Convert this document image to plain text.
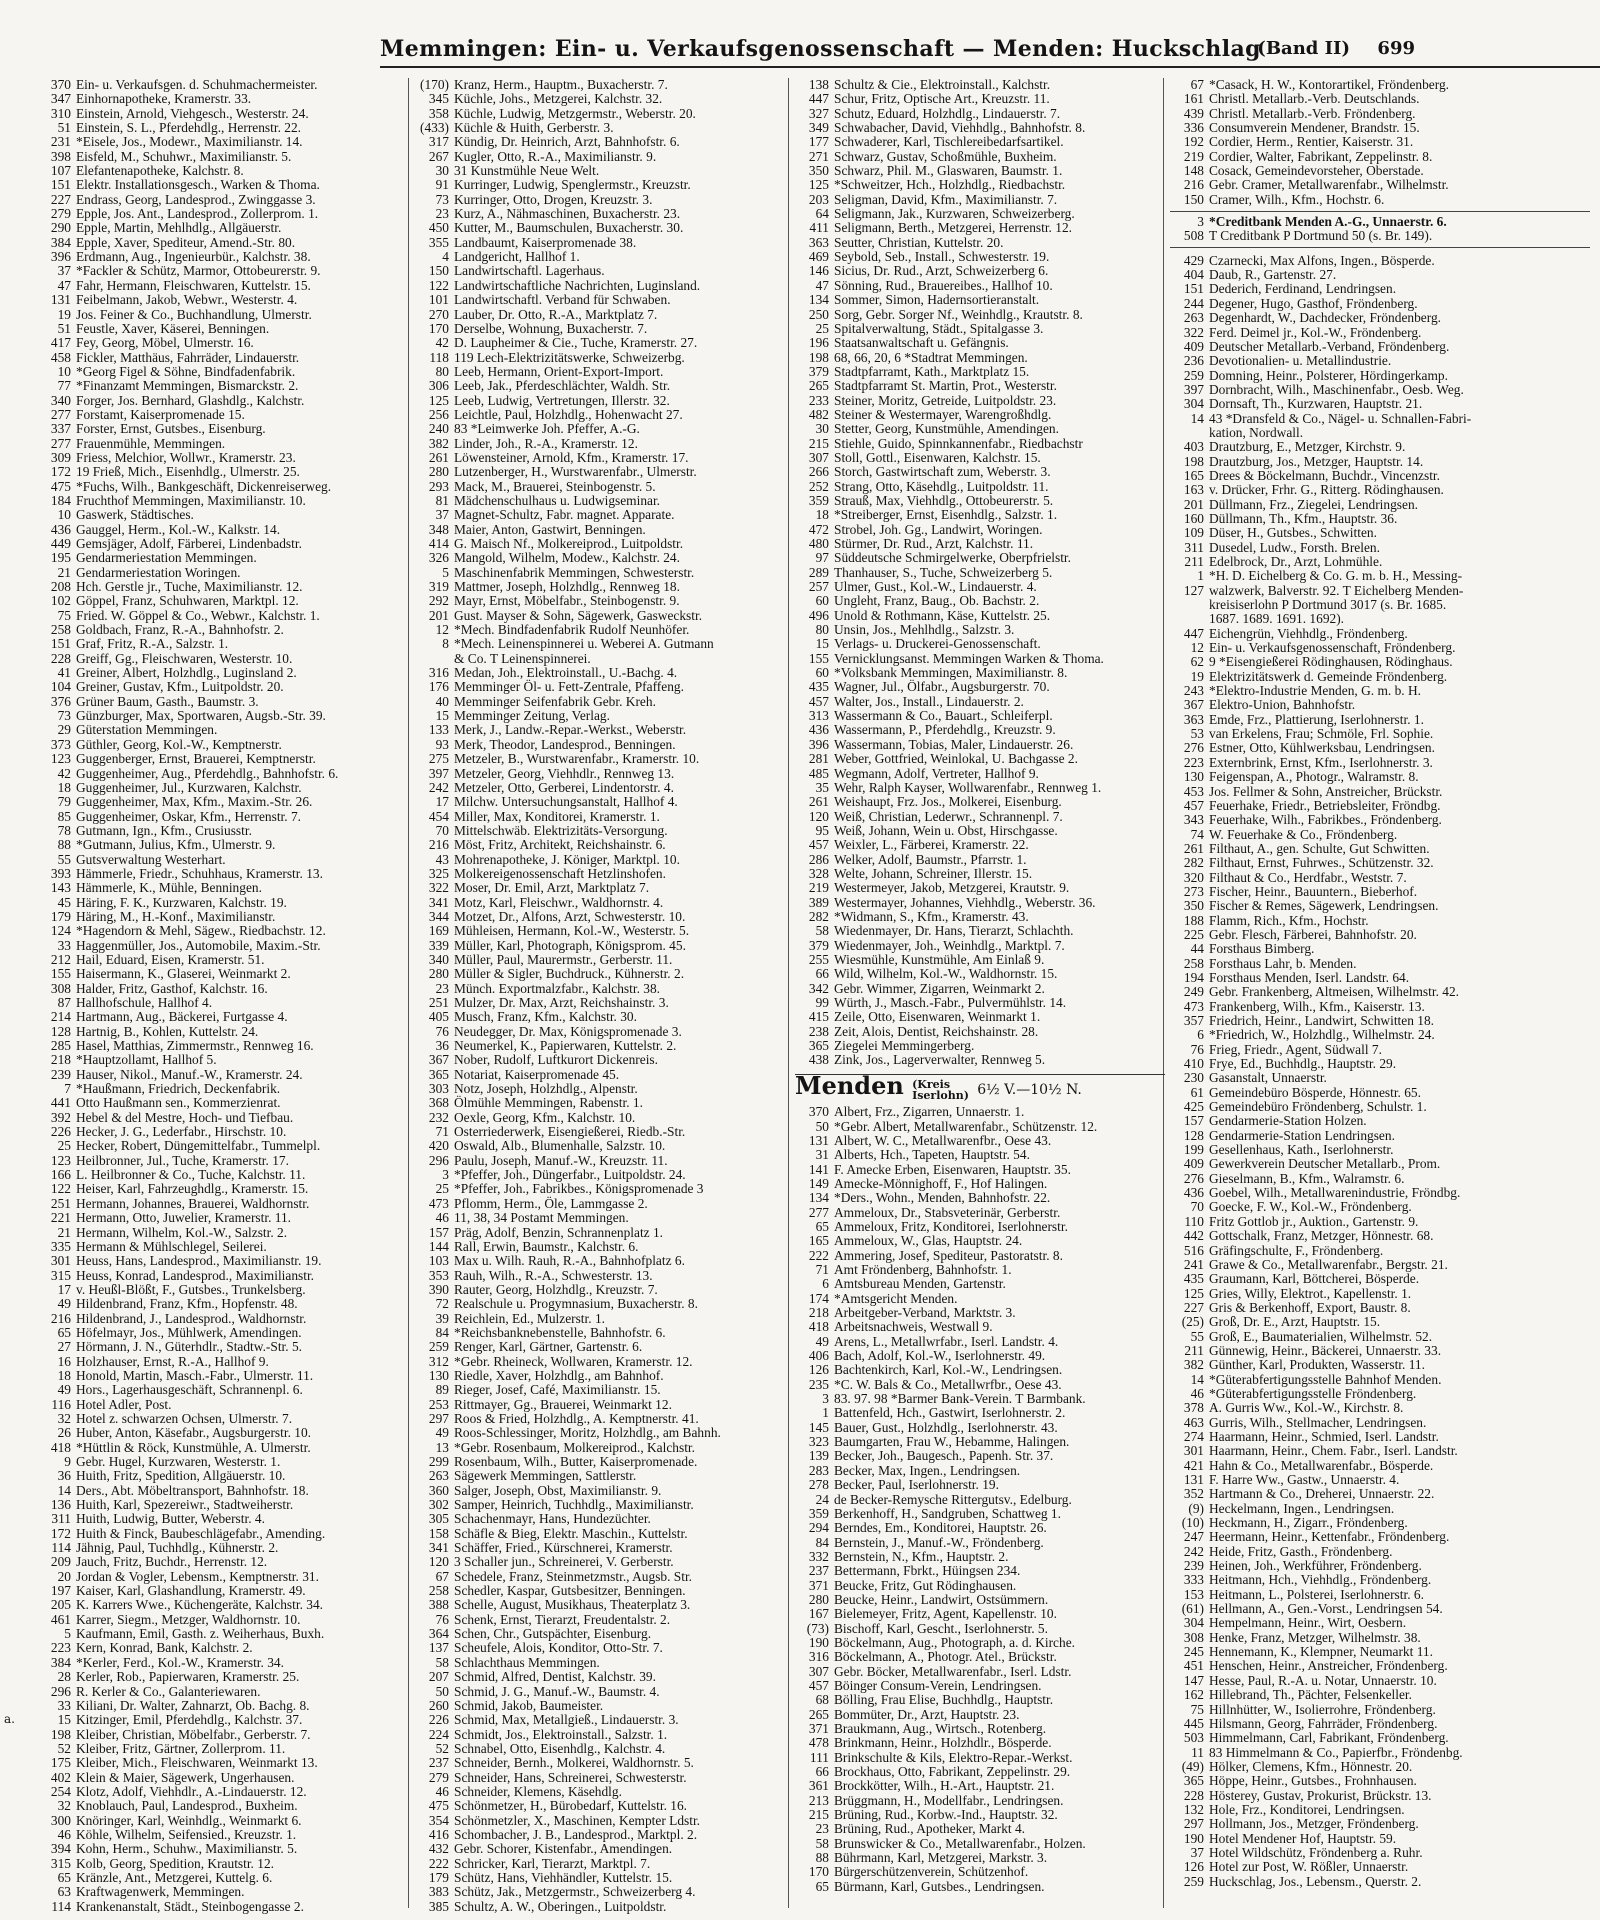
Memmingen: Ein- u. Verkaufsgenossenschaft — Menden: Huckschlag
(Band II) 699
370 Ein- u. Verkaufsgen. d. Schuhmachermeister.
347 Einhornapotheke, Kramerstr. 33.
310 Einstein, Arnold, Viehgesch., Westerstr. 24.
51 Einstein, S. L., Pferdehdlg., Herrenstr. 22.
231 *Eisele, Jos., Modewr., Maximilianstr. 14.
398 Eisfeld, M., Schuhwr., Maximilianstr. 5.
107 Elefantenapotheke, Kalchstr. 8.
151 Elektr. Installationsgesch., Warken & Thoma.
227 Endrass, Georg, Landesprod., Zwinggasse 3.
279 Epple, Jos. Ant., Landesprod., Zollerprom. 1.
290 Epple, Martin, Mehlhdlg., Allgäuerstr.
384 Epple, Xaver, Spediteur, Amend.-Str. 80.
396 Erdmann, Aug., Ingenieurbür., Kalchstr. 38.
37 *Fackler & Schütz, Marmor, Ottobeurerstr. 9.
47 Fahr, Hermann, Fleischwaren, Kuttelstr. 15.
131 Feibelmann, Jakob, Webwr., Westerstr. 4.
19 Jos. Feiner & Co., Buchhandlung, Ulmerstr.
51 Feustle, Xaver, Käserei, Benningen.
417 Fey, Georg, Möbel, Ulmerstr. 16.
458 Fickler, Matthäus, Fahrräder, Lindauerstr.
10 *Georg Figel & Söhne, Bindfadenfabrik.
77 *Finanzamt Memmingen, Bismarckstr. 2.
340 Forger, Jos. Bernhard, Glashdlg., Kalchstr.
277 Forstamt, Kaiserpromenade 15.
337 Forster, Ernst, Gutsbes., Eisenburg.
277 Frauenmühle, Memmingen.
309 Friess, Melchior, Wollwr., Kramerstr. 23.
172 19 Frieß, Mich., Eisenhdlg., Ulmerstr. 25.
475 *Fuchs, Wilh., Bankgeschäft, Dickenreiserweg.
184 Fruchthof Memmingen, Maximilianstr. 10.
10 Gaswerk, Städtisches.
436 Gauggel, Herm., Kol.-W., Kalkstr. 14.
449 Gemsjäger, Adolf, Färberei, Lindenbadstr.
195 Gendarmeriestation Memmingen.
21 Gendarmeriestation Woringen.
208 Hch. Gerstle jr., Tuche, Maximilianstr. 12.
102 Göppel, Franz, Schuhwaren, Marktpl. 12.
75 Fried. W. Göppel & Co., Webwr., Kalchstr. 1.
258 Goldbach, Franz, R.-A., Bahnhofstr. 2.
151 Graf, Fritz, R.-A., Salzstr. 1.
228 Greiff, Gg., Fleischwaren, Westerstr. 10.
41 Greiner, Albert, Holzhdlg., Luginsland 2.
104 Greiner, Gustav, Kfm., Luitpoldstr. 20.
376 Grüner Baum, Gasth., Baumstr. 3.
73 Günzburger, Max, Sportwaren, Augsb.-Str. 39.
29 Güterstation Memmingen.
373 Güthler, Georg, Kol.-W., Kemptnerstr.
123 Guggenberger, Ernst, Brauerei, Kemptnerstr.
42 Guggenheimer, Aug., Pferdehdlg., Bahnhofstr. 6.
18 Guggenheimer, Jul., Kurzwaren, Kalchstr.
79 Guggenheimer, Max, Kfm., Maxim.-Str. 26.
85 Guggenheimer, Oskar, Kfm., Herrenstr. 7.
78 Gutmann, Ign., Kfm., Crusiusstr.
88 *Gutmann, Julius, Kfm., Ulmerstr. 9.
55 Gutsverwaltung Westerhart.
393 Hämmerle, Friedr., Schuhhaus, Kramerstr. 13.
143 Hämmerle, K., Mühle, Benningen.
45 Häring, F. K., Kurzwaren, Kalchstr. 19.
179 Häring, M., H.-Konf., Maximilianstr.
124 *Hagendorn & Mehl, Sägew., Riedbachstr. 12.
33 Haggenmüller, Jos., Automobile, Maxim.-Str.
212 Hail, Eduard, Eisen, Kramerstr. 51.
155 Haisermann, K., Glaserei, Weinmarkt 2.
308 Halder, Fritz, Gasthof, Kalchstr. 16.
87 Hallhofschule, Hallhof 4.
214 Hartmann, Aug., Bäckerei, Furtgasse 4.
128 Hartnig, B., Kohlen, Kuttelstr. 24.
285 Hasel, Matthias, Zimmermstr., Rennweg 16.
218 *Hauptzollamt, Hallhof 5.
239 Hauser, Nikol., Manuf.-W., Kramerstr. 24.
7 *Haußmann, Friedrich, Deckenfabrik.
441 Otto Haußmann sen., Kommerzienrat.
392 Hebel & del Mestre, Hoch- und Tiefbau.
226 Hecker, J. G., Lederfabr., Hirschstr. 10.
25 Hecker, Robert, Düngemittelfabr., Tummelpl.
123 Heilbronner, Jul., Tuche, Kramerstr. 17.
166 L. Heilbronner & Co., Tuche, Kalchstr. 11.
122 Heiser, Karl, Fahrzeughdlg., Kramerstr. 15.
251 Hermann, Johannes, Brauerei, Waldhornstr.
221 Hermann, Otto, Juwelier, Kramerstr. 11.
21 Hermann, Wilhelm, Kol.-W., Salzstr. 2.
335 Hermann & Mühlschlegel, Seilerei.
301 Heuss, Hans, Landesprod., Maximilianstr. 19.
315 Heuss, Konrad, Landesprod., Maximilianstr.
17 v. Heußl-Blößt, F., Gutsbes., Trunkelsberg.
49 Hildenbrand, Franz, Kfm., Hopfenstr. 48.
216 Hildenbrand, J., Landesprod., Waldhornstr.
65 Höfelmayr, Jos., Mühlwerk, Amendingen.
27 Hörmann, J. N., Güterhdlr., Stadtw.-Str. 5.
16 Holzhauser, Ernst, R.-A., Hallhof 9.
18 Honold, Martin, Masch.-Fabr., Ulmerstr. 11.
49 Hors., Lagerhausgeschäft, Schrannenpl. 6.
116 Hotel Adler, Post.
32 Hotel z. schwarzen Ochsen, Ulmerstr. 7.
26 Huber, Anton, Käsefabr., Augsburgerstr. 10.
418 *Hüttlin & Röck, Kunstmühle, A. Ulmerstr.
9 Gebr. Hugel, Kurzwaren, Westerstr. 1.
36 Huith, Fritz, Spedition, Allgäuerstr. 10.
14 Ders., Abt. Möbeltransport, Bahnhofstr. 18.
136 Huith, Karl, Spezereiwr., Stadtweiherstr.
311 Huith, Ludwig, Butter, Weberstr. 4.
172 Huith & Finck, Baubeschlägefabr., Amending.
114 Jähnig, Paul, Tuchhdlg., Kühnerstr. 2.
209 Jauch, Fritz, Buchdr., Herrenstr. 12.
20 Jordan & Vogler, Lebensm., Kemptnerstr. 31.
197 Kaiser, Karl, Glashandlung, Kramerstr. 49.
205 K. Karrers Wwe., Küchengeräte, Kalchstr. 34.
461 Karrer, Siegm., Metzger, Waldhornstr. 10.
5 Kaufmann, Emil, Gasth. z. Weiherhaus, Buxh.
223 Kern, Konrad, Bank, Kalchstr. 2.
384 *Kerler, Ferd., Kol.-W., Kramerstr. 34.
28 Kerler, Rob., Papierwaren, Kramerstr. 25.
296 R. Kerler & Co., Galanteriewaren.
33 Kiliani, Dr. Walter, Zahnarzt, Ob. Bachg. 8.
15 Kitzinger, Emil, Pferdehdlg., Kalchstr. 37.
198 Kleiber, Christian, Möbelfabr., Gerberstr. 7.
52 Kleiber, Fritz, Gärtner, Zollerprom. 11.
175 Kleiber, Mich., Fleischwaren, Weinmarkt 13.
402 Klein & Maier, Sägewerk, Ungerhausen.
254 Klotz, Adolf, Viehhdlr., A.-Lindauerstr. 12.
32 Knoblauch, Paul, Landesprod., Buxheim.
300 Knöringer, Karl, Weinhdlg., Weinmarkt 6.
46 Köhle, Wilhelm, Seifensied., Kreuzstr. 1.
394 Kohn, Herm., Schuhw., Maximilianstr. 5.
315 Kolb, Georg, Spedition, Krautstr. 12.
65 Kränzle, Ant., Metzgerei, Kuttelg. 6.
63 Kraftwagenwerk, Memmingen.
114 Krankenanstalt, Städt., Steinbogengasse 2.
(170) Kranz, Herm., Hauptm., Buxacherstr. 7.
345 Küchle, Johs., Metzgerei, Kalchstr. 32.
358 Küchle, Ludwig, Metzgermstr., Weberstr. 20.
(433) Küchle & Huith, Gerberstr. 3.
317 Kündig, Dr. Heinrich, Arzt, Bahnhofstr. 6.
267 Kugler, Otto, R.-A., Maximilianstr. 9.
30 31 Kunstmühle Neue Welt.
91 Kurringer, Ludwig, Spenglermstr., Kreuzstr.
73 Kurringer, Otto, Drogen, Kreuzstr. 3.
23 Kurz, A., Nähmaschinen, Buxacherstr. 23.
450 Kutter, M., Baumschulen, Buxacherstr. 30.
355 Landbaumt, Kaiserpromenade 38.
4 Landgericht, Hallhof 1.
150 Landwirtschaftl. Lagerhaus.
122 Landwirtschaftliche Nachrichten, Luginsland.
101 Landwirtschaftl. Verband für Schwaben.
270 Lauber, Dr. Otto, R.-A., Marktplatz 7.
170 Derselbe, Wohnung, Buxacherstr. 7.
42 D. Laupheimer & Cie., Tuche, Kramerstr. 27.
118 119 Lech-Elektrizitätswerke, Schweizerbg.
80 Leeb, Hermann, Orient-Export-Import.
306 Leeb, Jak., Pferdeschlächter, Waldh. Str.
125 Leeb, Ludwig, Vertretungen, Illerstr. 32.
256 Leichtle, Paul, Holzhdlg., Hohenwacht 27.
240 83 *Leimwerke Joh. Pfeffer, A.-G.
382 Linder, Joh., R.-A., Kramerstr. 12.
261 Löwensteiner, Arnold, Kfm., Kramerstr. 17.
280 Lutzenberger, H., Wurstwarenfabr., Ulmerstr.
293 Mack, M., Brauerei, Steinbogenstr. 5.
81 Mädchenschulhaus u. Ludwigseminar.
37 Magnet-Schultz, Fabr. magnet. Apparate.
348 Maier, Anton, Gastwirt, Benningen.
414 G. Maisch Nf., Molkereiprod., Luitpoldstr.
326 Mangold, Wilhelm, Modew., Kalchstr. 24.
5 Maschinenfabrik Memmingen, Schwesterstr.
319 Mattmer, Joseph, Holzhdlg., Rennweg 18.
292 Mayr, Ernst, Möbelfabr., Steinbogenstr. 9.
201 Gust. Mayser & Sohn, Sägewerk, Gasweckstr.
12 *Mech. Bindfadenfabrik Rudolf Neunhöfer.
8 *Mech. Leinenspinnerei u. Weberei A. Gutmann
& Co. T Leinenspinnerei.
316 Medan, Joh., Elektroinstall., U.-Bachg. 4.
176 Memminger Öl- u. Fett-Zentrale, Pfaffeng.
40 Memminger Seifenfabrik Gebr. Kreh.
15 Memminger Zeitung, Verlag.
133 Merk, J., Landw.-Repar.-Werkst., Weberstr.
93 Merk, Theodor, Landesprod., Benningen.
275 Metzeler, B., Wurstwarenfabr., Kramerstr. 10.
397 Metzeler, Georg, Viehhdlr., Rennweg 13.
242 Metzeler, Otto, Gerberei, Lindentorstr. 4.
17 Milchw. Untersuchungsanstalt, Hallhof 4.
454 Miller, Max, Konditorei, Kramerstr. 1.
70 Mittelschwäb. Elektrizitäts-Versorgung.
216 Möst, Fritz, Architekt, Reichshainstr. 6.
43 Mohrenapotheke, J. Königer, Marktpl. 10.
325 Molkereigenossenschaft Hetzlinshofen.
322 Moser, Dr. Emil, Arzt, Marktplatz 7.
341 Motz, Karl, Fleischwr., Waldhornstr. 4.
344 Motzet, Dr., Alfons, Arzt, Schwesterstr. 10.
169 Mühleisen, Hermann, Kol.-W., Westerstr. 5.
339 Müller, Karl, Photograph, Königsprom. 45.
340 Müller, Paul, Maurermstr., Gerberstr. 11.
280 Müller & Sigler, Buchdruck., Kühnerstr. 2.
23 Münch. Exportmalzfabr., Kalchstr. 38.
251 Mulzer, Dr. Max, Arzt, Reichshainstr. 3.
405 Musch, Franz, Kfm., Kalchstr. 30.
76 Neudegger, Dr. Max, Königspromenade 3.
36 Neumerkel, K., Papierwaren, Kuttelstr. 2.
367 Nober, Rudolf, Luftkurort Dickenreis.
365 Notariat, Kaiserpromenade 45.
303 Notz, Joseph, Holzhdlg., Alpenstr.
368 Ölmühle Memmingen, Rabenstr. 1.
232 Oexle, Georg, Kfm., Kalchstr. 10.
71 Osterriederwerk, Eisengießerei, Riedb.-Str.
420 Oswald, Alb., Blumenhalle, Salzstr. 10.
296 Paulu, Joseph, Manuf.-W., Kreuzstr. 11.
3 *Pfeffer, Joh., Düngerfabr., Luitpoldstr. 24.
25 *Pfeffer, Joh., Fabrikbes., Königspromenade 3
473 Pflomm, Herm., Öle, Lammgasse 2.
46 11, 38, 34 Postamt Memmingen.
157 Präg, Adolf, Benzin, Schrannenplatz 1.
144 Rall, Erwin, Baumstr., Kalchstr. 6.
103 Max u. Wilh. Rauh, R.-A., Bahnhofplatz 6.
353 Rauh, Wilh., R.-A., Schwesterstr. 13.
390 Rauter, Georg, Holzhdlg., Kreuzstr. 7.
72 Realschule u. Progymnasium, Buxacherstr. 8.
39 Reichlein, Ed., Mulzerstr. 1.
84 *Reichsbanknebenstelle, Bahnhofstr. 6.
259 Renger, Karl, Gärtner, Gartenstr. 6.
312 *Gebr. Rheineck, Wollwaren, Kramerstr. 12.
130 Riedle, Xaver, Holzhdlg., am Bahnhof.
89 Rieger, Josef, Café, Maximilianstr. 15.
253 Rittmayer, Gg., Brauerei, Weinmarkt 12.
297 Roos & Fried, Holzhdlg., A. Kemptnerstr. 41.
49 Roos-Schlessinger, Moritz, Holzhdlg., am Bahnh.
13 *Gebr. Rosenbaum, Molkereiprod., Kalchstr.
299 Rosenbaum, Wilh., Butter, Kaiserpromenade.
263 Sägewerk Memmingen, Sattlerstr.
360 Salger, Joseph, Obst, Maximilianstr. 9.
302 Samper, Heinrich, Tuchhdlg., Maximilianstr.
305 Schachenmayr, Hans, Hundezüchter.
158 Schäfle & Bieg, Elektr. Maschin., Kuttelstr.
341 Schäffer, Fried., Kürschnerei, Kramerstr.
120 3 Schaller jun., Schreinerei, V. Gerberstr.
67 Schedele, Franz, Steinmetzmstr., Augsb. Str.
258 Schedler, Kaspar, Gutsbesitzer, Benningen.
388 Schelle, August, Musikhaus, Theaterplatz 3.
76 Schenk, Ernst, Tierarzt, Freudentalstr. 2.
364 Schen, Chr., Gutspächter, Eisenburg.
137 Scheufele, Alois, Konditor, Otto-Str. 7.
58 Schlachthaus Memmingen.
207 Schmid, Alfred, Dentist, Kalchstr. 39.
50 Schmid, J. G., Manuf.-W., Baumstr. 4.
260 Schmid, Jakob, Baumeister.
226 Schmid, Max, Metallgieß., Lindauerstr. 3.
224 Schmidt, Jos., Elektroinstall., Salzstr. 1.
52 Schnabel, Otto, Eisenhdlg., Kalchstr. 4.
237 Schneider, Bernh., Molkerei, Waldhornstr. 5.
279 Schneider, Hans, Schreinerei, Schwesterstr.
46 Schneider, Klemens, Käsehdlg.
475 Schönmetzer, H., Bürobedarf, Kuttelstr. 16.
354 Schönmetzler, X., Maschinen, Kempter Ldstr.
416 Schombacher, J. B., Landesprod., Marktpl. 2.
432 Gebr. Schorer, Kistenfabr., Amendingen.
222 Schricker, Karl, Tierarzt, Marktpl. 7.
179 Schütz, Hans, Viehhändler, Kuttelstr. 15.
383 Schütz, Jak., Metzgermstr., Schweizerberg 4.
385 Schultz, A. W., Oberingen., Luitpoldstr.
138 Schultz & Cie., Elektroinstall., Kalchstr.
447 Schur, Fritz, Optische Art., Kreuzstr. 11.
327 Schutz, Eduard, Holzhdlg., Lindauerstr. 7.
349 Schwabacher, David, Viehhdlg., Bahnhofstr. 8.
177 Schwaderer, Karl, Tischlereibedarfsartikel.
271 Schwarz, Gustav, Schoßmühle, Buxheim.
350 Schwarz, Phil. M., Glaswaren, Baumstr. 1.
125 *Schweitzer, Hch., Holzhdlg., Riedbachstr.
203 Seligman, David, Kfm., Maximilianstr. 7.
64 Seligmann, Jak., Kurzwaren, Schweizerberg.
411 Seligmann, Berth., Metzgerei, Herrenstr. 12.
363 Seutter, Christian, Kuttelstr. 20.
469 Seybold, Seb., Install., Schwesterstr. 19.
146 Sicius, Dr. Rud., Arzt, Schweizerberg 6.
47 Sönning, Rud., Brauereibes., Hallhof 10.
134 Sommer, Simon, Hadernsortieranstalt.
250 Sorg, Gebr. Sorger Nf., Weinhdlg., Krautstr. 8.
25 Spitalverwaltung, Städt., Spitalgasse 3.
196 Staatsanwaltschaft u. Gefängnis.
198 68, 66, 20, 6 *Stadtrat Memmingen.
379 Stadtpfarramt, Kath., Marktplatz 15.
265 Stadtpfarramt St. Martin, Prot., Westerstr.
233 Steiner, Moritz, Getreide, Luitpoldstr. 23.
482 Steiner & Westermayer, Warengroßhdlg.
30 Stetter, Georg, Kunstmühle, Amendingen.
215 Stiehle, Guido, Spinnkannenfabr., Riedbachstr
307 Stoll, Gottl., Eisenwaren, Kalchstr. 15.
266 Storch, Gastwirtschaft zum, Weberstr. 3.
252 Strang, Otto, Käsehdlg., Luitpoldstr. 11.
359 Strauß, Max, Viehhdlg., Ottobeurerstr. 5.
18 *Streiberger, Ernst, Eisenhdlg., Salzstr. 1.
472 Strobel, Joh. Gg., Landwirt, Woringen.
480 Stürmer, Dr. Rud., Arzt, Kalchstr. 11.
97 Süddeutsche Schmirgelwerke, Oberpfrielstr.
289 Thanhauser, S., Tuche, Schweizerberg 5.
257 Ulmer, Gust., Kol.-W., Lindauerstr. 4.
60 Ungleht, Franz, Baug., Ob. Bachstr. 2.
496 Unold & Rothmann, Käse, Kuttelstr. 25.
80 Unsin, Jos., Mehlhdlg., Salzstr. 3.
15 Verlags- u. Druckerei-Genossenschaft.
155 Vernicklungsanst. Memmingen Warken & Thoma.
60 *Volksbank Memmingen, Maximilianstr. 8.
435 Wagner, Jul., Ölfabr., Augsburgerstr. 70.
457 Walter, Jos., Install., Lindauerstr. 2.
313 Wassermann & Co., Bauart., Schleiferpl.
436 Wassermann, P., Pferdehdlg., Kreuzstr. 9.
396 Wassermann, Tobias, Maler, Lindauerstr. 26.
281 Weber, Gottfried, Weinlokal, U. Bachgasse 2.
485 Wegmann, Adolf, Vertreter, Hallhof 9.
35 Wehr, Ralph Kayser, Wollwarenfabr., Rennweg 1.
261 Weishaupt, Frz. Jos., Molkerei, Eisenburg.
120 Weiß, Christian, Lederwr., Schrannenpl. 7.
95 Weiß, Johann, Wein u. Obst, Hirschgasse.
457 Weixler, L., Färberei, Kramerstr. 22.
286 Welker, Adolf, Baumstr., Pfarrstr. 1.
328 Welte, Johann, Schreiner, Illerstr. 15.
219 Westermeyer, Jakob, Metzgerei, Krautstr. 9.
389 Westermayer, Johannes, Viehhdlg., Weberstr. 36.
282 *Widmann, S., Kfm., Kramerstr. 43.
58 Wiedenmayer, Dr. Hans, Tierarzt, Schlachth.
379 Wiedenmayer, Joh., Weinhdlg., Marktpl. 7.
255 Wiesmühle, Kunstmühle, Am Einlaß 9.
66 Wild, Wilhelm, Kol.-W., Waldhornstr. 15.
342 Gebr. Wimmer, Zigarren, Weinmarkt 2.
99 Würth, J., Masch.-Fabr., Pulvermühlstr. 14.
415 Zeile, Otto, Eisenwaren, Weinmarkt 1.
238 Zeit, Alois, Dentist, Reichshainstr. 28.
365 Ziegelei Memmingerberg.
438 Zink, Jos., Lagerverwalter, Rennweg 5.
Menden (Kreis
Iserlohn) 6½ V.—10½ N.
370 Albert, Frz., Zigarren, Unnaerstr. 1.
50 *Gebr. Albert, Metallwarenfabr., Schützenstr. 12.
131 Albert, W. C., Metallwarenfbr., Oese 43.
31 Alberts, Hch., Tapeten, Hauptstr. 54.
141 F. Amecke Erben, Eisenwaren, Hauptstr. 35.
149 Amecke-Mönnighoff, F., Hof Halingen.
134 *Ders., Wohn., Menden, Bahnhofstr. 22.
277 Ammeloux, Dr., Stabsveterinär, Gerberstr.
65 Ammeloux, Fritz, Konditorei, Iserlohnerstr.
165 Ammeloux, W., Glas, Hauptstr. 24.
222 Ammering, Josef, Spediteur, Pastoratstr. 8.
71 Amt Fröndenberg, Bahnhofstr. 1.
6 Amtsbureau Menden, Gartenstr.
174 *Amtsgericht Menden.
218 Arbeitgeber-Verband, Marktstr. 3.
418 Arbeitsnachweis, Westwall 9.
49 Arens, L., Metallwrfabr., Iserl. Landstr. 4.
406 Bach, Adolf, Kol.-W., Iserlohnerstr. 49.
126 Bachtenkirch, Karl, Kol.-W., Lendringsen.
235 *C. W. Bals & Co., Metallwrfbr., Oese 43.
3 83. 97. 98 *Barmer Bank-Verein. T Barmbank.
1 Battenfeld, Hch., Gastwirt, Iserlohnerstr. 2.
145 Bauer, Gust., Holzhdlg., Iserlohnerstr. 43.
323 Baumgarten, Frau W., Hebamme, Halingen.
139 Becker, Joh., Baugesch., Papenh. Str. 37.
283 Becker, Max, Ingen., Lendringsen.
278 Becker, Paul, Iserlohnerstr. 19.
24 de Becker-Remysche Rittergutsv., Edelburg.
359 Berkenhoff, H., Sandgruben, Schattweg 1.
294 Berndes, Em., Konditorei, Hauptstr. 26.
84 Bernstein, J., Manuf.-W., Fröndenberg.
332 Bernstein, N., Kfm., Hauptstr. 2.
237 Bettermann, Fbrkt., Hüingsen 234.
371 Beucke, Fritz, Gut Rödinghausen.
280 Beucke, Heinr., Landwirt, Ostsümmern.
167 Bielemeyer, Fritz, Agent, Kapellenstr. 10.
(73) Bischoff, Karl, Gescht., Iserlohnerstr. 5.
190 Böckelmann, Aug., Photograph, a. d. Kirche.
316 Böckelmann, A., Photogr. Atel., Brückstr.
307 Gebr. Böcker, Metallwarenfabr., Iserl. Ldstr.
457 Böinger Consum-Verein, Lendringsen.
68 Bölling, Frau Elise, Buchhdlg., Hauptstr.
265 Bommüter, Dr., Arzt, Hauptstr. 23.
371 Braukmann, Aug., Wirtsch., Rotenberg.
478 Brinkmann, Heinr., Holzhdlr., Bösperde.
111 Brinkschulte & Kils, Elektro-Repar.-Werkst.
66 Brockhaus, Otto, Fabrikant, Zeppelinstr. 29.
361 Brockkötter, Wilh., H.-Art., Hauptstr. 21.
213 Brüggmann, H., Modellfabr., Lendringsen.
215 Brüning, Rud., Korbw.-Ind., Hauptstr. 32.
23 Brüning, Rud., Apotheker, Markt 4.
58 Brunswicker & Co., Metallwarenfabr., Holzen.
88 Bührmann, Karl, Metzgerei, Markstr. 3.
170 Bürgerschützenverein, Schützenhof.
65 Bürmann, Karl, Gutsbes., Lendringsen.
67 *Casack, H. W., Kontorartikel, Fröndenberg.
161 Christl. Metallarb.-Verb. Deutschlands.
439 Christl. Metallarb.-Verb. Fröndenberg.
336 Consumverein Mendener, Brandstr. 15.
192 Cordier, Herm., Rentier, Kaiserstr. 31.
219 Cordier, Walter, Fabrikant, Zeppelinstr. 8.
148 Cosack, Gemeindevorsteher, Oberstade.
216 Gebr. Cramer, Metallwarenfabr., Wilhelmstr.
150 Cramer, Wilh., Kfm., Hochstr. 6.
3 *Creditbank Menden A.-G., Unnaerstr. 6.
508 T Creditbank P Dortmund 50 (s. Br. 149).
429 Czarnecki, Max Alfons, Ingen., Bösperde.
404 Daub, R., Gartenstr. 27.
151 Dederich, Ferdinand, Lendringsen.
244 Degener, Hugo, Gasthof, Fröndenberg.
263 Degenhardt, W., Dachdecker, Fröndenberg.
322 Ferd. Deimel jr., Kol.-W., Fröndenberg.
409 Deutscher Metallarb.-Verband, Fröndenberg.
236 Devotionalien- u. Metallindustrie.
259 Domning, Heinr., Polsterer, Hördingerkamp.
397 Dornbracht, Wilh., Maschinenfabr., Oesb. Weg.
304 Dornsaft, Th., Kurzwaren, Hauptstr. 21.
14 43 *Dransfeld & Co., Nägel- u. Schnallen-Fabri-
kation, Nordwall.
403 Drautzburg, E., Metzger, Kirchstr. 9.
198 Drautzburg, Jos., Metzger, Hauptstr. 14.
165 Drees & Böckelmann, Buchdr., Vincenzstr.
163 v. Drücker, Frhr. G., Ritterg. Rödinghausen.
201 Düllmann, Frz., Ziegelei, Lendringsen.
160 Düllmann, Th., Kfm., Hauptstr. 36.
109 Düser, H., Gutsbes., Schwitten.
311 Dusedel, Ludw., Forsth. Brelen.
211 Edelbrock, Dr., Arzt, Lohmühle.
1 *H. D. Eichelberg & Co. G. m. b. H., Messing-
127 walzwerk, Balverstr. 92. T Eichelberg Menden-
kreisiserlohn P Dortmund 3017 (s. Br. 1685.
1687. 1689. 1691. 1692).
447 Eichengrün, Viehhdlg., Fröndenberg.
12 Ein- u. Verkaufsgenossenschaft, Fröndenberg.
62 9 *Eisengießerei Rödinghausen, Rödinghaus.
19 Elektrizitätswerk d. Gemeinde Fröndenberg.
243 *Elektro-Industrie Menden, G. m. b. H.
367 Elektro-Union, Bahnhofstr.
363 Emde, Frz., Plattierung, Iserlohnerstr. 1.
53 van Erkelens, Frau; Schmöle, Frl. Sophie.
276 Estner, Otto, Kühlwerksbau, Lendringsen.
223 Externbrink, Ernst, Kfm., Iserlohnerstr. 3.
130 Feigenspan, A., Photogr., Walramstr. 8.
453 Jos. Fellmer & Sohn, Anstreicher, Brückstr.
457 Feuerhake, Friedr., Betriebsleiter, Fröndbg.
343 Feuerhake, Wilh., Fabrikbes., Fröndenberg.
74 W. Feuerhake & Co., Fröndenberg.
261 Filthaut, A., gen. Schulte, Gut Schwitten.
282 Filthaut, Ernst, Fuhrwes., Schützenstr. 32.
320 Filthaut & Co., Herdfabr., Weststr. 7.
273 Fischer, Heinr., Bauuntern., Bieberhof.
350 Fischer & Remes, Sägewerk, Lendringsen.
188 Flamm, Rich., Kfm., Hochstr.
225 Gebr. Flesch, Färberei, Bahnhofstr. 20.
44 Forsthaus Bimberg.
258 Forsthaus Lahr, b. Menden.
194 Forsthaus Menden, Iserl. Landstr. 64.
249 Gebr. Frankenberg, Altmeisen, Wilhelmstr. 42.
473 Frankenberg, Wilh., Kfm., Kaiserstr. 13.
357 Friedrich, Heinr., Landwirt, Schwitten 18.
6 *Friedrich, W., Holzhdlg., Wilhelmstr. 24.
76 Frieg, Friedr., Agent, Südwall 7.
410 Frye, Ed., Buchhdlg., Hauptstr. 29.
230 Gasanstalt, Unnaerstr.
61 Gemeindebüro Bösperde, Hönnestr. 65.
425 Gemeindebüro Fröndenberg, Schulstr. 1.
157 Gendarmerie-Station Holzen.
128 Gendarmerie-Station Lendringsen.
199 Gesellenhaus, Kath., Iserlohnerstr.
409 Gewerkverein Deutscher Metallarb., Prom.
276 Gieselmann, B., Kfm., Walramstr. 6.
436 Goebel, Wilh., Metallwarenindustrie, Fröndbg.
70 Goecke, F. W., Kol.-W., Fröndenberg.
110 Fritz Gottlob jr., Auktion., Gartenstr. 9.
442 Gottschalk, Franz, Metzger, Hönnestr. 68.
516 Gräfingschulte, F., Fröndenberg.
241 Grawe & Co., Metallwarenfabr., Bergstr. 21.
435 Graumann, Karl, Böttcherei, Bösperde.
125 Gries, Willy, Elektrot., Kapellenstr. 1.
227 Gris & Berkenhoff, Export, Baustr. 8.
(25) Groß, Dr. E., Arzt, Hauptstr. 15.
55 Groß, E., Baumaterialien, Wilhelmstr. 52.
211 Günnewig, Heinr., Bäckerei, Unnaerstr. 33.
382 Günther, Karl, Produkten, Wasserstr. 11.
14 *Güterabfertigungsstelle Bahnhof Menden.
46 *Güterabfertigungsstelle Fröndenberg.
378 A. Gurris Ww., Kol.-W., Kirchstr. 8.
463 Gurris, Wilh., Stellmacher, Lendringsen.
274 Haarmann, Heinr., Schmied, Iserl. Landstr.
301 Haarmann, Heinr., Chem. Fabr., Iserl. Landstr.
421 Hahn & Co., Metallwarenfabr., Bösperde.
131 F. Harre Ww., Gastw., Unnaerstr. 4.
352 Hartmann & Co., Dreherei, Unnaerstr. 22.
(9) Heckelmann, Ingen., Lendringsen.
(10) Heckmann, H., Zigarr., Fröndenberg.
247 Heermann, Heinr., Kettenfabr., Fröndenberg.
242 Heide, Fritz, Gasth., Fröndenberg.
239 Heinen, Joh., Werkführer, Fröndenberg.
333 Heitmann, Hch., Viehhdlg., Fröndenberg.
153 Heitmann, L., Polsterei, Iserlohnerstr. 6.
(61) Hellmann, A., Gen.-Vorst., Lendringsen 54.
304 Hempelmann, Heinr., Wirt, Oesbern.
308 Henke, Franz, Metzger, Wilhelmstr. 38.
245 Hennemann, K., Klempner, Neumarkt 11.
451 Henschen, Heinr., Anstreicher, Fröndenberg.
147 Hesse, Paul, R.-A. u. Notar, Unnaerstr. 10.
162 Hillebrand, Th., Pächter, Felsenkeller.
75 Hillnhütter, W., Isolierrohre, Fröndenberg.
445 Hilsmann, Georg, Fahrräder, Fröndenberg.
503 Himmelmann, Carl, Fabrikant, Fröndenberg.
11 83 Himmelmann & Co., Papierfbr., Fröndenbg.
(49) Hölker, Clemens, Kfm., Hönnestr. 20.
365 Höppe, Heinr., Gutsbes., Frohnhausen.
228 Hösterey, Gustav, Prokurist, Brückstr. 13.
132 Hole, Frz., Konditorei, Lendringsen.
297 Hollmann, Jos., Metzger, Fröndenberg.
190 Hotel Mendener Hof, Hauptstr. 59.
37 Hotel Wildschütz, Fröndenberg a. Ruhr.
126 Hotel zur Post, W. Rößler, Unnaerstr.
259 Huckschlag, Jos., Lebensm., Querstr. 2.
a.
